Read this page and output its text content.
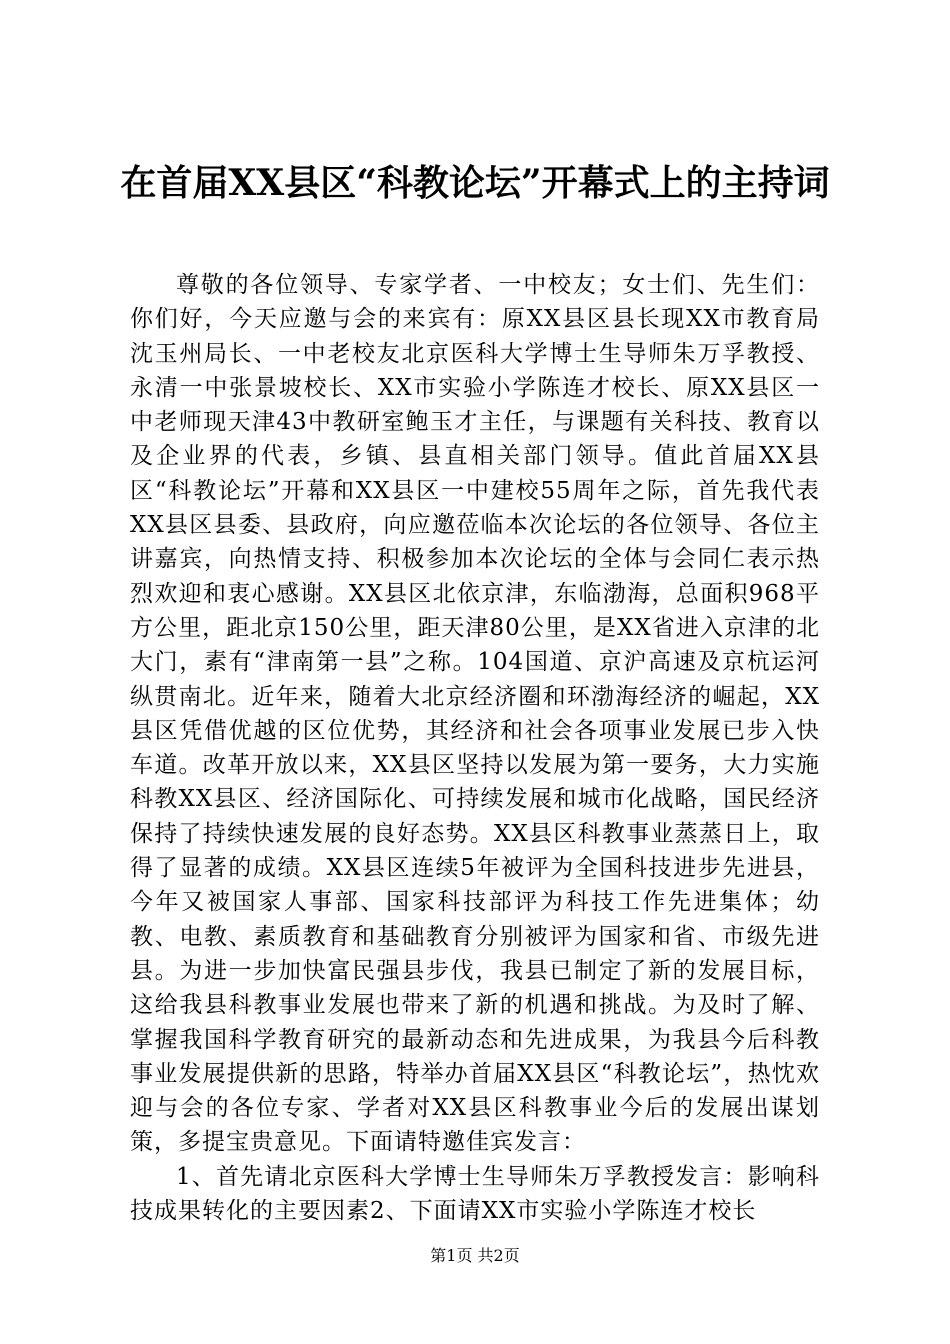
在首届XX县区“科教论坛”开幕式上的主持词

尊敬的各位领导、专家学者、一中校友；女士们、先生们：你们好，今天应邀与会的来宾有：原XX县区县长现XX市教育局沈玉州局长、一中老校友北京医科大学博士生导师朱万孚教授、永清一中张景坡校长、XX市实验小学陈连才校长、原XX县区一中老师现天津43中教研室鲍玉才主任，与课题有关科技、教育以及企业界的代表，乡镇、县直相关部门领导。值此首届XX县区“科教论坛”开幕和XX县区一中建校55周年之际，首先我代表XX县区县委、县政府，向应邀莅临本次论坛的各位领导、各位主讲嘉宾，向热情支持、积极参加本次论坛的全体与会同仁表示热烈欢迎和衷心感谢。XX县区北依京津，东临渤海，总面积968平方公里，距北京150公里，距天津80公里，是XX省进入京津的北大门，素有“津南第一县”之称。104国道、京沪高速及京杭运河纵贯南北。近年来，随着大北京经济圈和环渤海经济的崛起，XX县区凭借优越的区位优势，其经济和社会各项事业发展已步入快车道。改革开放以来，XX县区坚持以发展为第一要务，大力实施科教XX县区、经济国际化、可持续发展和城市化战略，国民经济保持了持续快速发展的良好态势。XX县区科教事业蒸蒸日上，取得了显著的成绩。XX县区连续5年被评为全国科技进步先进县，今年又被国家人事部、国家科技部评为科技工作先进集体；幼教、电教、素质教育和基础教育分别被评为国家和省、市级先进县。为进一步加快富民强县步伐，我县已制定了新的发展目标，这给我县科教事业发展也带来了新的机遇和挑战。为及时了解、掌握我国科学教育研究的最新动态和先进成果，为我县今后科教事业发展提供新的思路，特举办首届XX县区“科教论坛”，热忱欢迎与会的各位专家、学者对XX县区科教事业今后的发展出谋划策，多提宝贵意见。下面请特邀佳宾发言：

1、首先请北京医科大学博士生导师朱万孚教授发言：影响科技成果转化的主要因素2、下面请XX市实验小学陈连才校长

第1页 共2页
